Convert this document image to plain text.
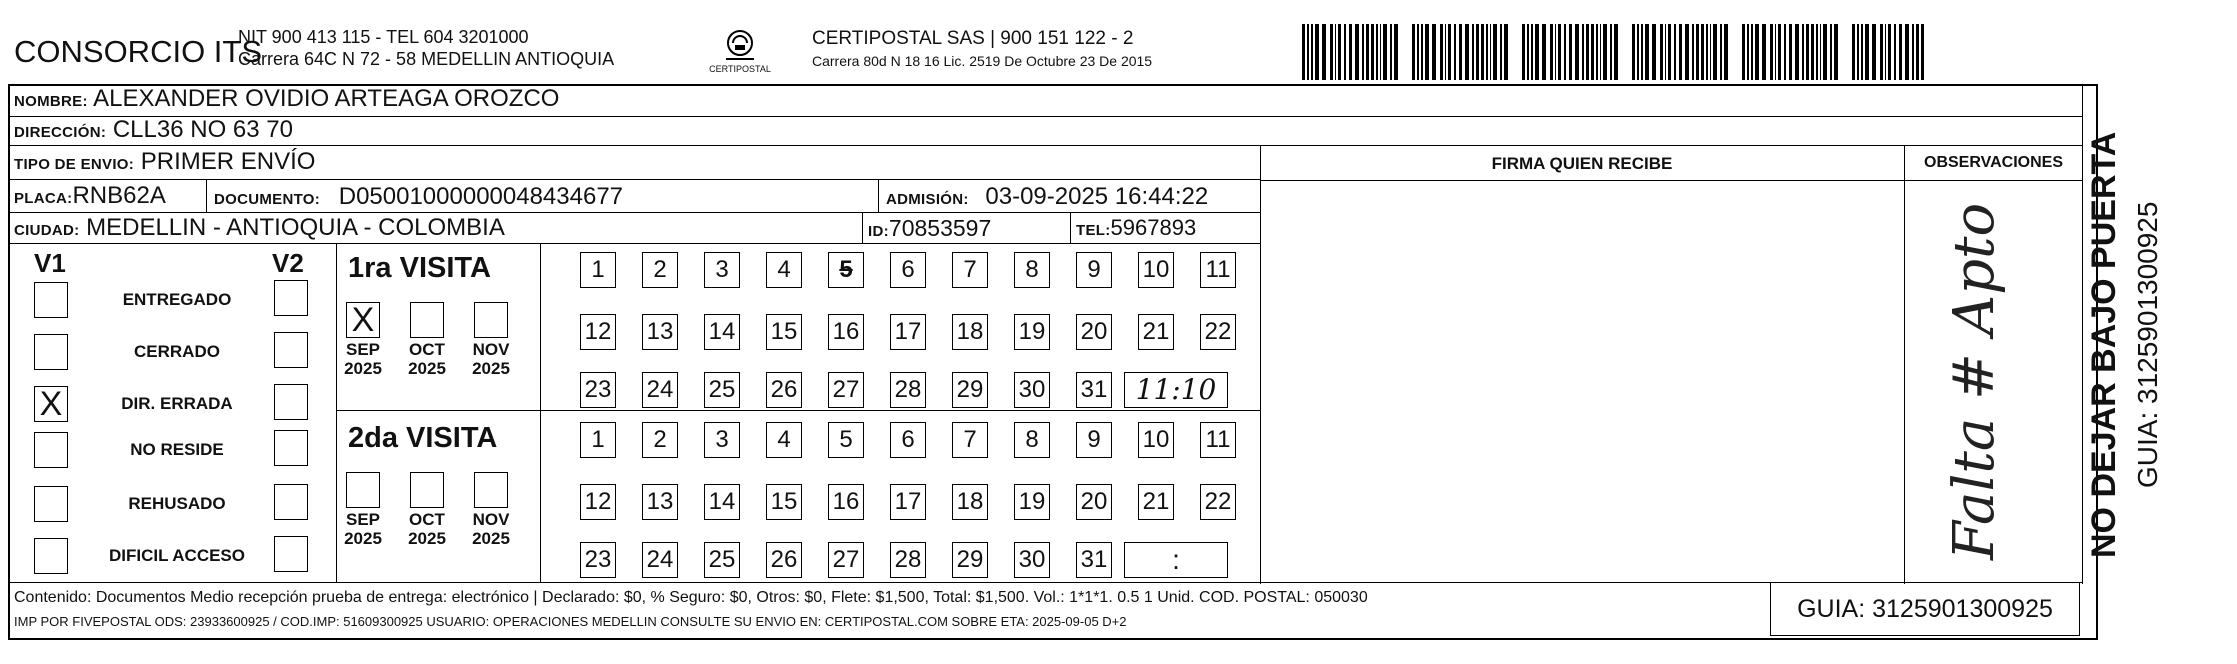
CONSORCIO ITS
NIT 900 413 115 - TEL 604 3201000
Carrera 64C N 72 - 58 MEDELLIN ANTIOQUIA	CERTIPOSTAL
CERTIPOSTAL SAS | 900 151 122 - 2
Carrera 80d N 18 16 Lic. 2519 De Octubre 23 De 2015
NO DEJAR BAJO PUERTA GUIA: 3125901300925
NOMBRE: ALEXANDER OVIDIO ARTEAGA OROZCO
DIRECCIÓN: CLL36 NO 63 70
TIPO DE ENVIO: PRIMER ENVÍO
PLACA:RNB62A	DOCUMENTO: D05001000000048434677	ADMISIÓN: 03-09-2025 16:44:22
CIUDAD: MEDELLIN - ANTIOQUIA - COLOMBIA	ID:70853597	TEL:5967893
FIRMA QUIEN RECIBE	OBSERVACIONES
Falta # Apto
V1	V2
ENTREGADO
CERRADO
X	DIR. ERRADA
NO RESIDE
REHUSADO
DIFICIL ACCESO
1ra VISITA
2da VISITA
1	2	3	4	5	6	7	8	9	10 11
12 13 14 15 16 17 18 19 20 21 22
23 24 25 26 27 28 29 30 31	11:10
X
SEP
2025
OCT
2025
NOV
2025
1	2	3	4	5	6	7	8	9	10 11
12 13 14 15 16 17 18 19 20 21 22
23 24 25 26 27 28 29 30 31	:
SEP
2025
OCT
2025
NOV
2025
Contenido: Documentos Medio recepción prueba de entrega: electrónico | Declarado: $0, % Seguro: $0, Otros: $0, Flete: $1,500, Total: $1,500. Vol.: 1*1*1. 0.5 1 Unid. COD. POSTAL: 050030
IMP POR FIVEPOSTAL ODS: 23933600925 / COD.IMP: 51609300925 USUARIO: OPERACIONES MEDELLIN CONSULTE SU ENVIO EN: CERTIPOSTAL.COM SOBRE ETA: 2025-09-05 D+2	GUIA: 3125901300925
